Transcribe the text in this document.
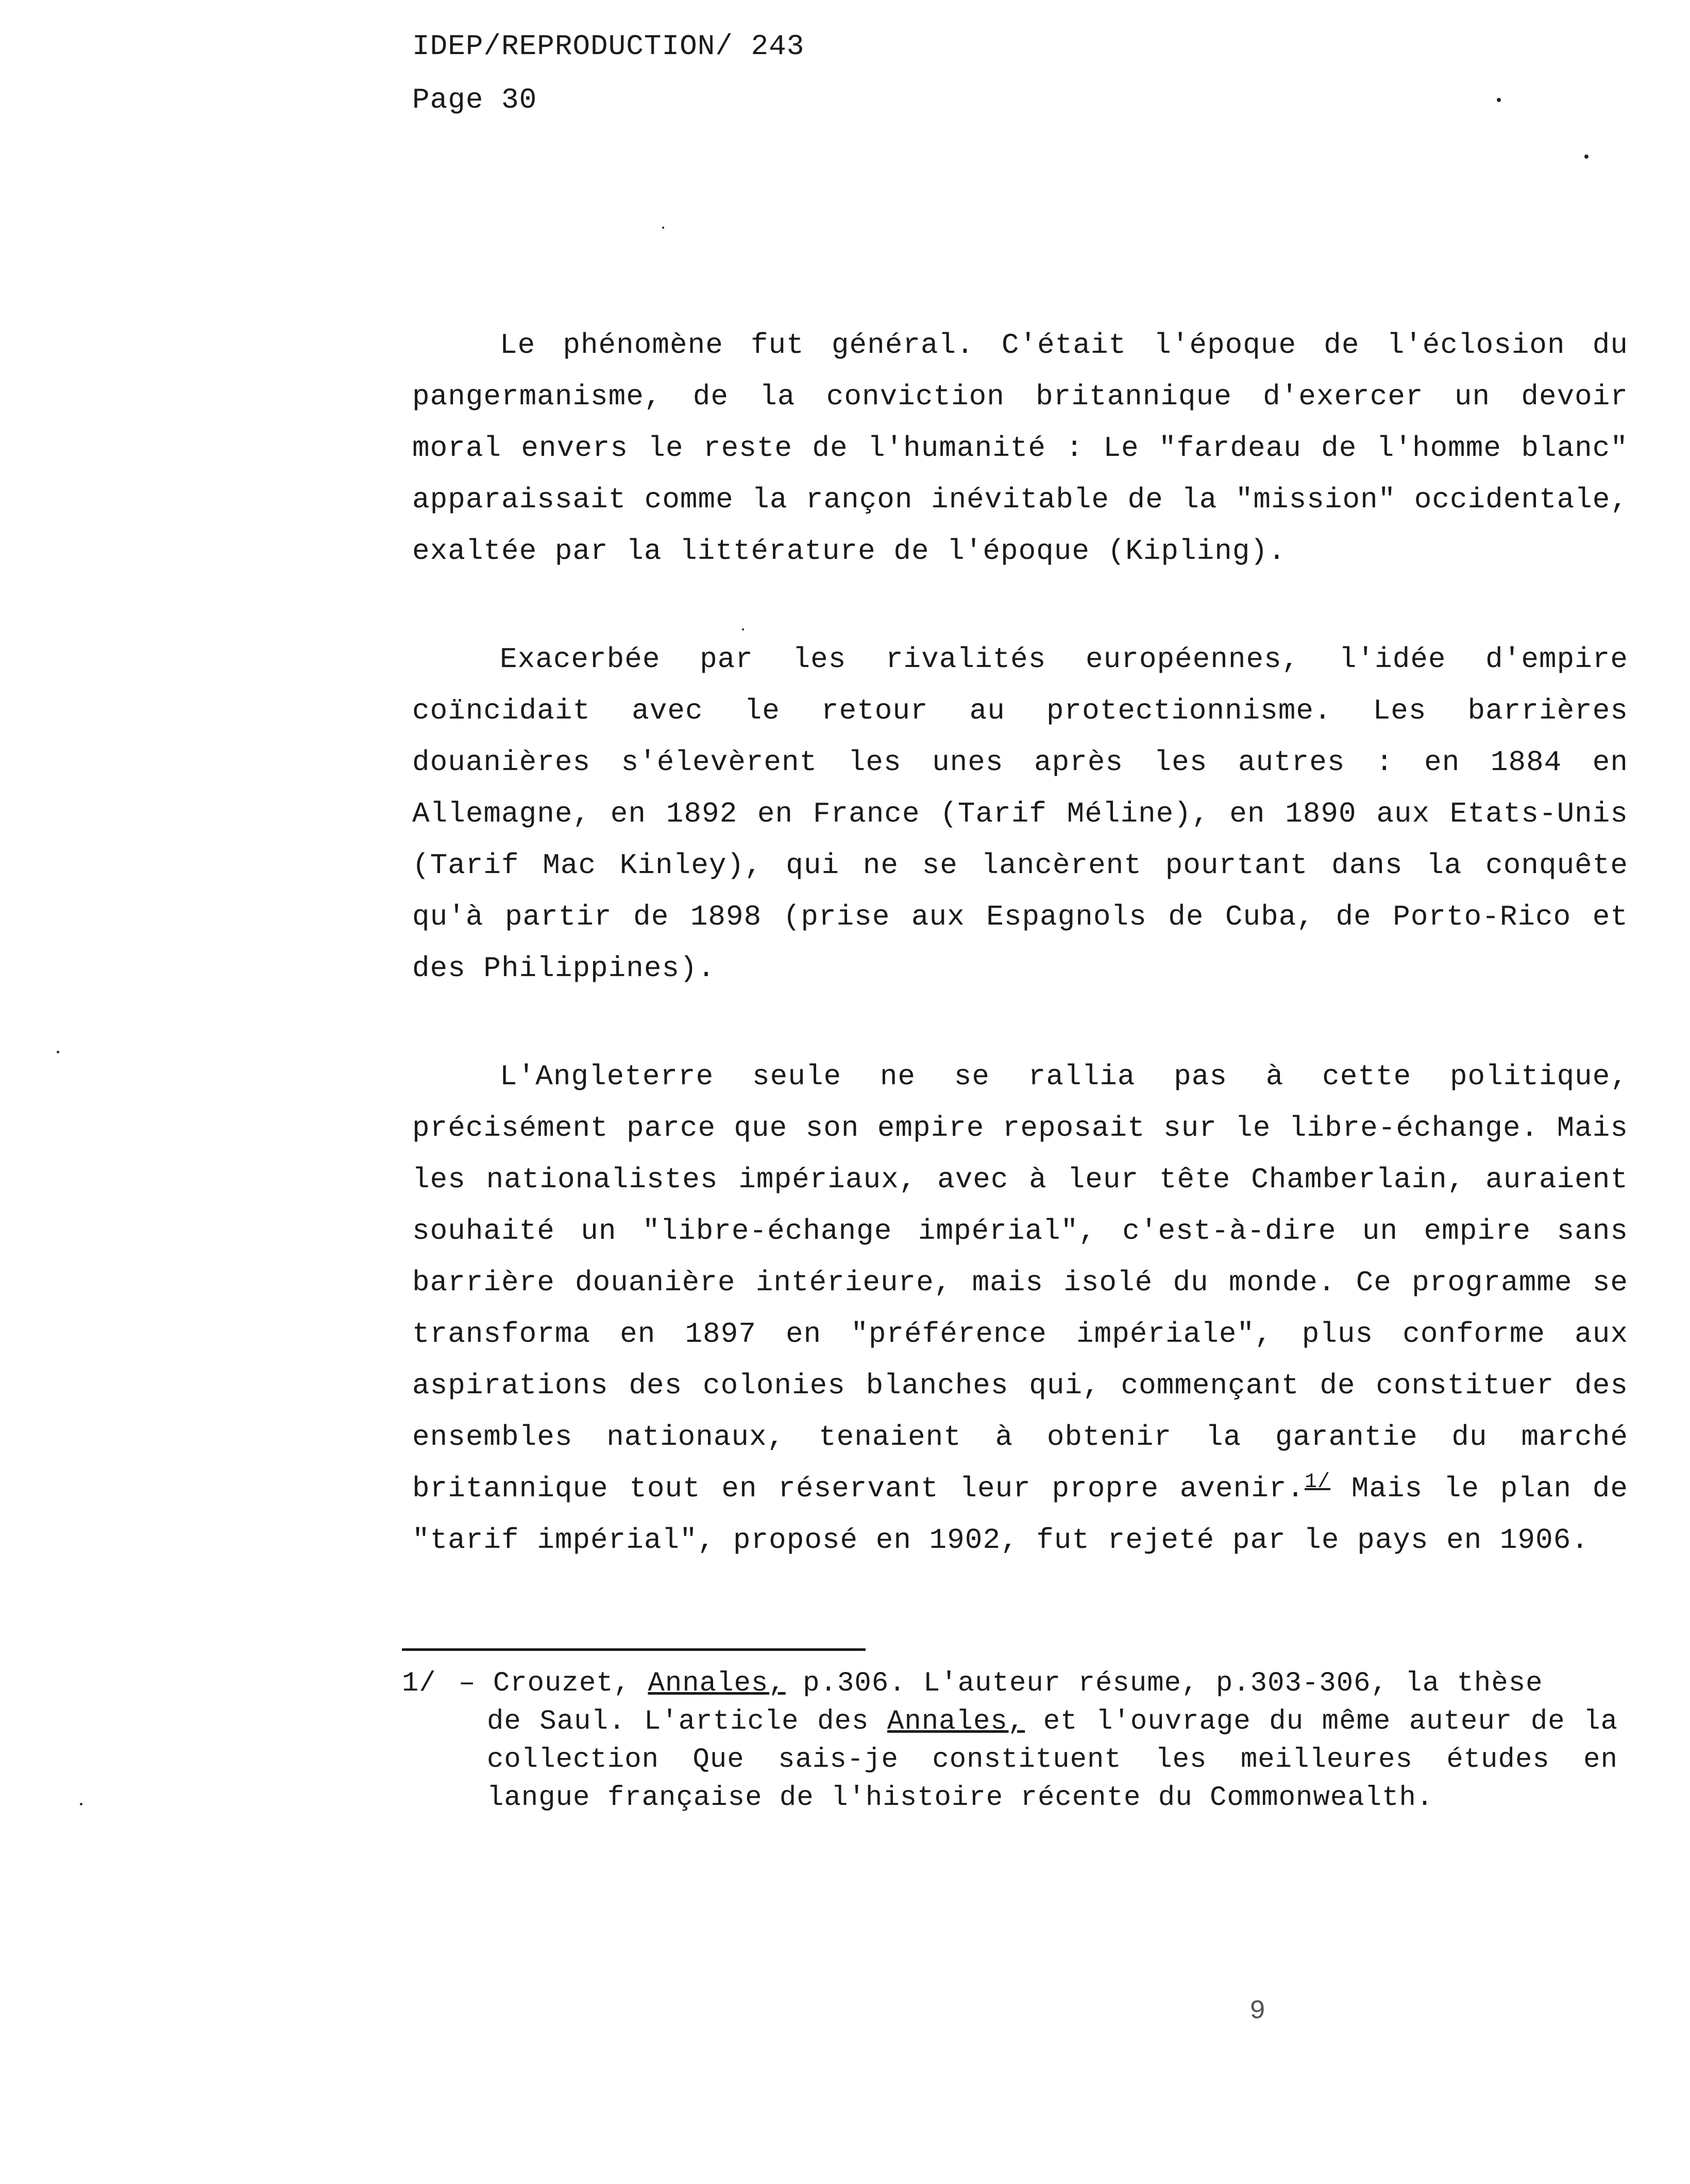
IDEP/REPRODUCTION/ 243
Page 30

Le phénomène fut général. C'était l'époque de l'éclosion du pangermanisme, de la conviction britannique d'exercer un devoir moral envers le reste de l'humanité : Le "fardeau de l'homme blanc" apparaissait comme la rançon inévitable de la "mission" occidentale, exaltée par la littérature de l'époque (Kipling).

Exacerbée par les rivalités européennes, l'idée d'empire coïncidait avec le retour au protectionnisme. Les barrières douanières s'élevèrent les unes après les autres : en 1884 en Allemagne, en 1892 en France (Tarif Méline), en 1890 aux Etats-Unis (Tarif Mac Kinley), qui ne se lancèrent pourtant dans la conquête qu'à partir de 1898 (prise aux Espagnols de Cuba, de Porto-Rico et des Philippines).

L'Angleterre seule ne se rallia pas à cette politique, précisément parce que son empire reposait sur le libre-échange. Mais les nationalistes impériaux, avec à leur tête Chamberlain, auraient souhaité un "libre-échange impérial", c'est-à-dire un empire sans barrière douanière intérieure, mais isolé du monde. Ce programme se transforma en 1897 en "préférence impériale", plus conforme aux aspirations des colonies blanches qui, commençant de constituer des ensembles nationaux, tenaient à obtenir la garantie du marché britannique tout en réservant leur propre avenir.$^{1/}$ Mais le plan de "tarif impérial", proposé en 1902, fut rejeté par le pays en 1906.

1/ – Crouzet, Annales, p.306. L'auteur résume, p.303-306, la thèse
de Saul. L'article des Annales, et l'ouvrage du même auteur de la collection Que sais-je constituent les meilleures études en langue française de l'histoire récente du Commonwealth.
9
